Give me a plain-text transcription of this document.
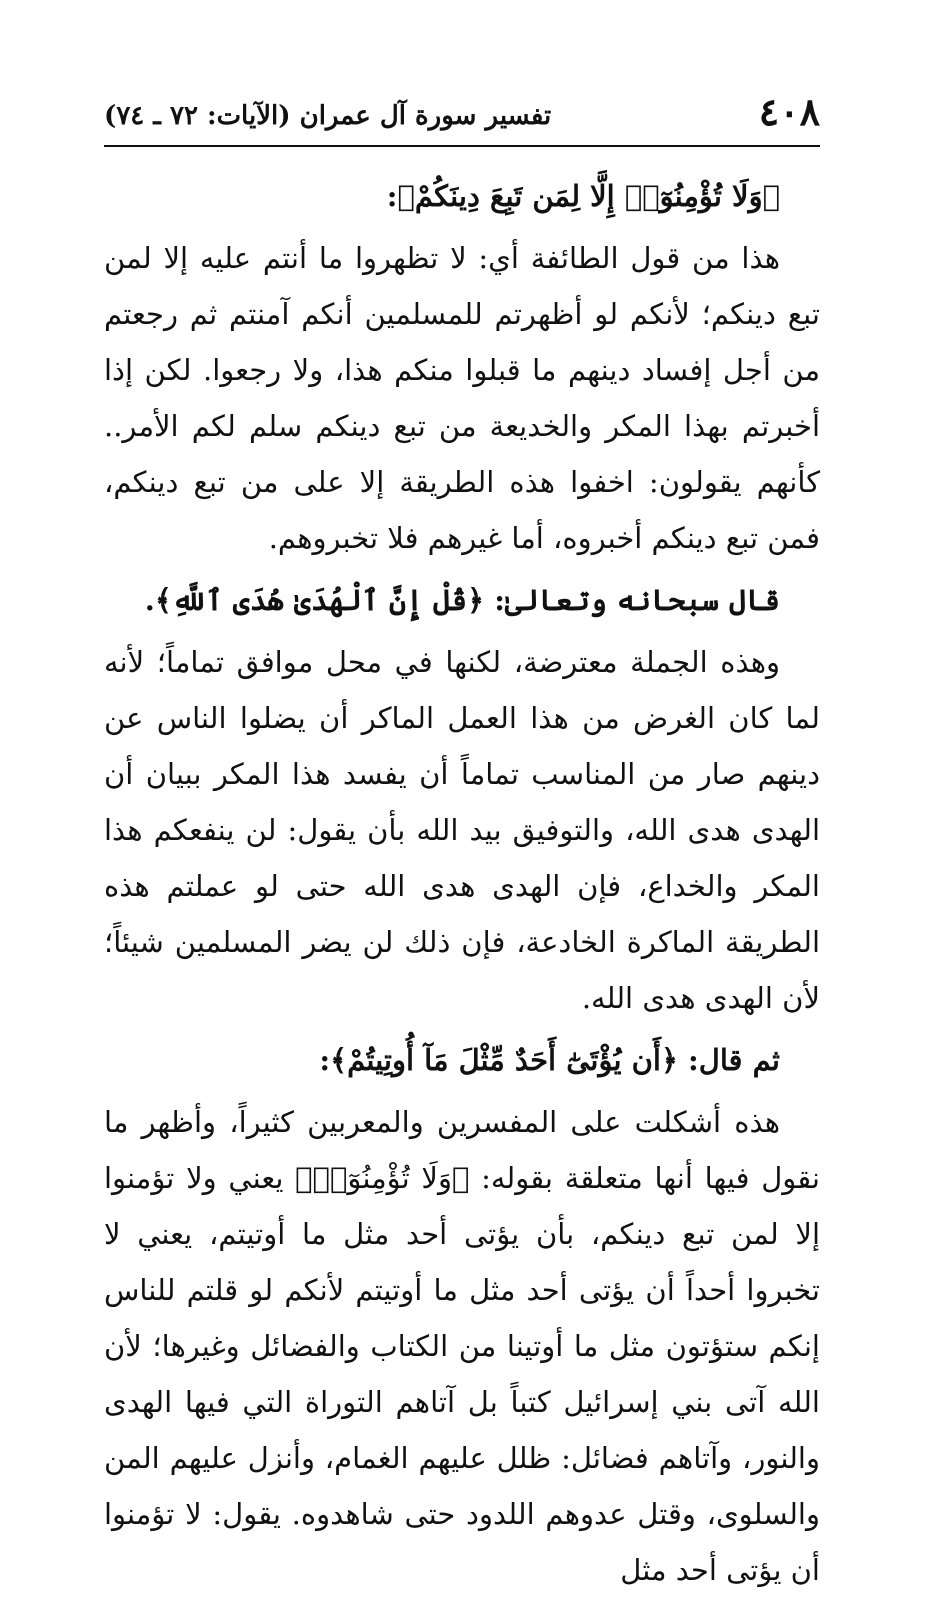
٤٠٨
تفسير سورة آل عمران (الآيات: ٧٢ ـ ٧٤)

﴿وَلَا تُؤْمِنُوٓا۟ إِلَّا لِمَن تَبِعَ دِينَكُمْ﴾:

هذا من قول الطائفة أي: لا تظهروا ما أنتم عليه إلا لمن تبع دينكم؛ لأنكم لو أظهرتم للمسلمين أنكم آمنتم ثم رجعتم من أجل إفساد دينهم ما قبلوا منكم هذا، ولا رجعوا. لكن إذا أخبرتم بهذا المكر والخديعة من تبع دينكم سلم لكم الأمر.. كأنهم يقولون: اخفوا هذه الطريقة إلا على من تبع دينكم، فمن تبع دينكم أخبروه، أما غيرهم فلا تخبروهم.

قال سبحانه وتعالىٰ: ﴿قُلْ إِنَّ ٱلْهُدَىٰ هُدَى ٱللَّهِ﴾.

وهذه الجملة معترضة، لكنها في محل موافق تماماً؛ لأنه لما كان الغرض من هذا العمل الماكر أن يضلوا الناس عن دينهم صار من المناسب تماماً أن يفسد هذا المكر ببيان أن الهدى هدى الله، والتوفيق بيد الله بأن يقول: لن ينفعكم هذا المكر والخداع، فإن الهدى هدى الله حتى لو عملتم هذه الطريقة الماكرة الخادعة، فإن ذلك لن يضر المسلمين شيئاً؛ لأن الهدى هدى الله.

ثم قال: ﴿أَن يُؤْتَىٰٓ أَحَدٌ مِّثْلَ مَآ أُوتِيتُمْ﴾:

هذه أشكلت على المفسرين والمعربين كثيراً، وأظهر ما نقول فيها أنها متعلقة بقوله: ﴿وَلَا تُؤْمِنُوٓا۟﴾ يعني ولا تؤمنوا إلا لمن تبع دينكم، بأن يؤتى أحد مثل ما أوتيتم، يعني لا تخبروا أحداً أن يؤتى أحد مثل ما أوتيتم لأنكم لو قلتم للناس إنكم ستؤتون مثل ما أوتينا من الكتاب والفضائل وغيرها؛ لأن الله آتى بني إسرائيل كتباً بل آتاهم التوراة التي فيها الهدى والنور، وآتاهم فضائل: ظلل عليهم الغمام، وأنزل عليهم المن والسلوى، وقتل عدوهم اللدود حتى شاهدوه. يقول: لا تؤمنوا أن يؤتى أحد مثل
